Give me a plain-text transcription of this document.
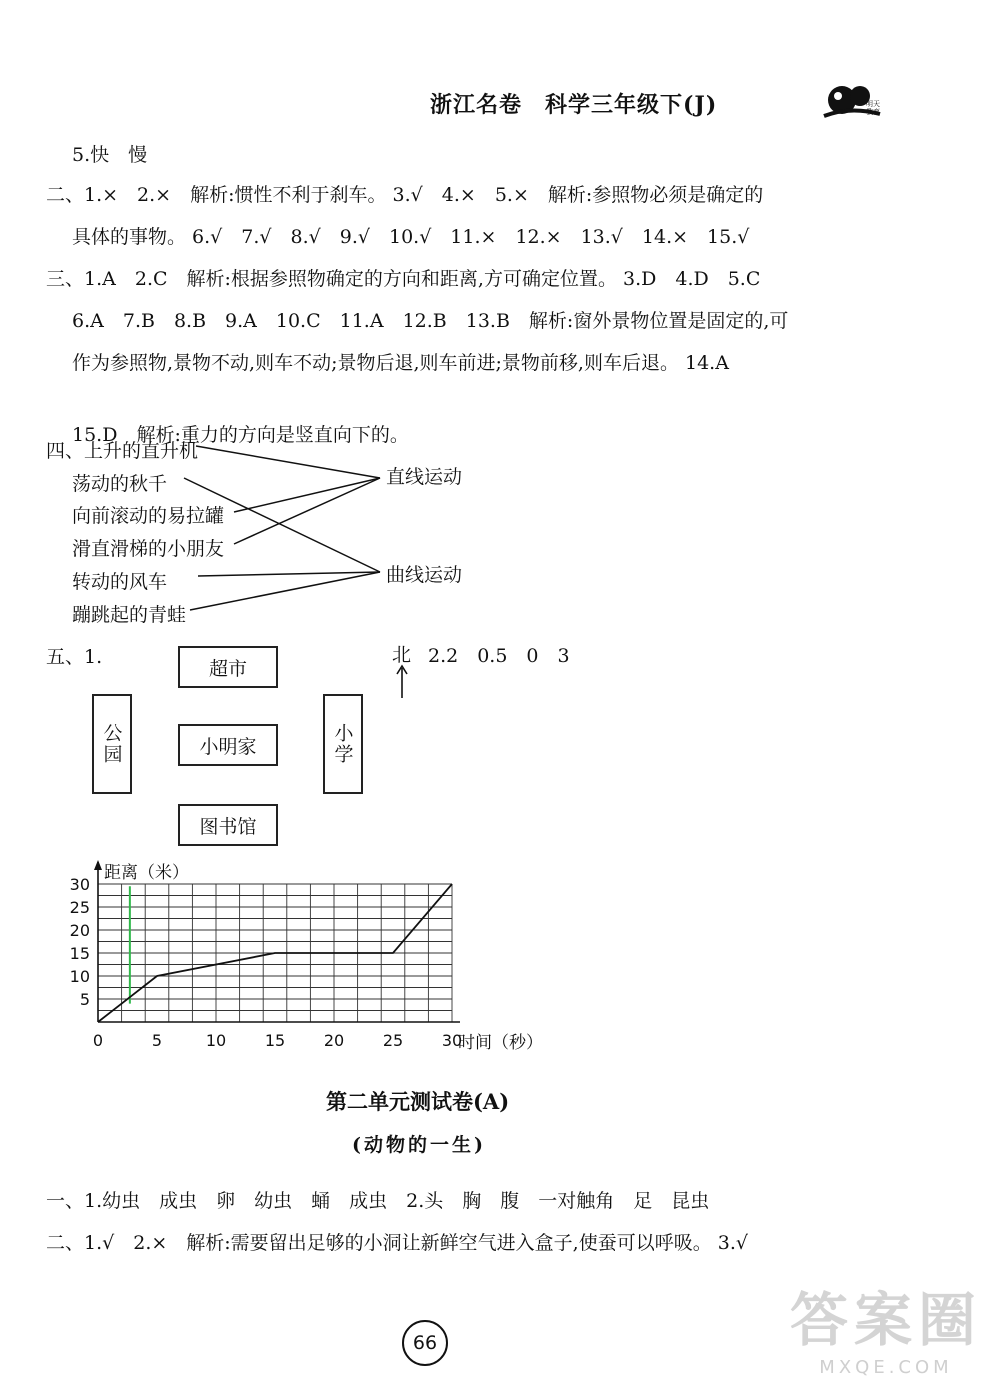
浙江名卷　科学三年级下(J)	明天教育
5.快　慢
二、1.×　2.×　解析:惯性不利于刹车。 3.√　4.×　5.×　解析:参照物必须是确定的
具体的事物。 6.√　7.√　8.√　9.√　10.√　11.×　12.×　13.√　14.×　15.√
三、1.A　2.C　解析:根据参照物确定的方向和距离,方可确定位置。 3.D　4.D　5.C
6.A　7.B　8.B　9.A　10.C　11.A　12.B　13.B　解析:窗外景物位置是固定的,可
作为参照物,景物不动,则车不动;景物后退,则车前进;景物前移,则车后退。 14.A
15.D　解析:重力的方向是竖直向下的。
四、上升的直升机
荡动的秋千
向前滚动的易拉罐
滑直滑梯的小朋友
转动的风车
蹦跳起的青蛙
直线运动
曲线运动
五、1.
超市
小明家
图书馆
公园	小学
北 2.2　0.5　0　3
0	5	10 15 20 25 30
5
10
15
20
25
30
距离（米）
时间（秒）
第二单元测试卷(A)
(动物的一生)
一、1.幼虫　成虫　卵　幼虫　蛹　成虫　2.头　胸　腹　一对触角　足　昆虫
二、1.√　2.×　解析:需要留出足够的小洞让新鲜空气进入盒子,使蚕可以呼吸。 3.√
66	答案圈
MXQE.COM
